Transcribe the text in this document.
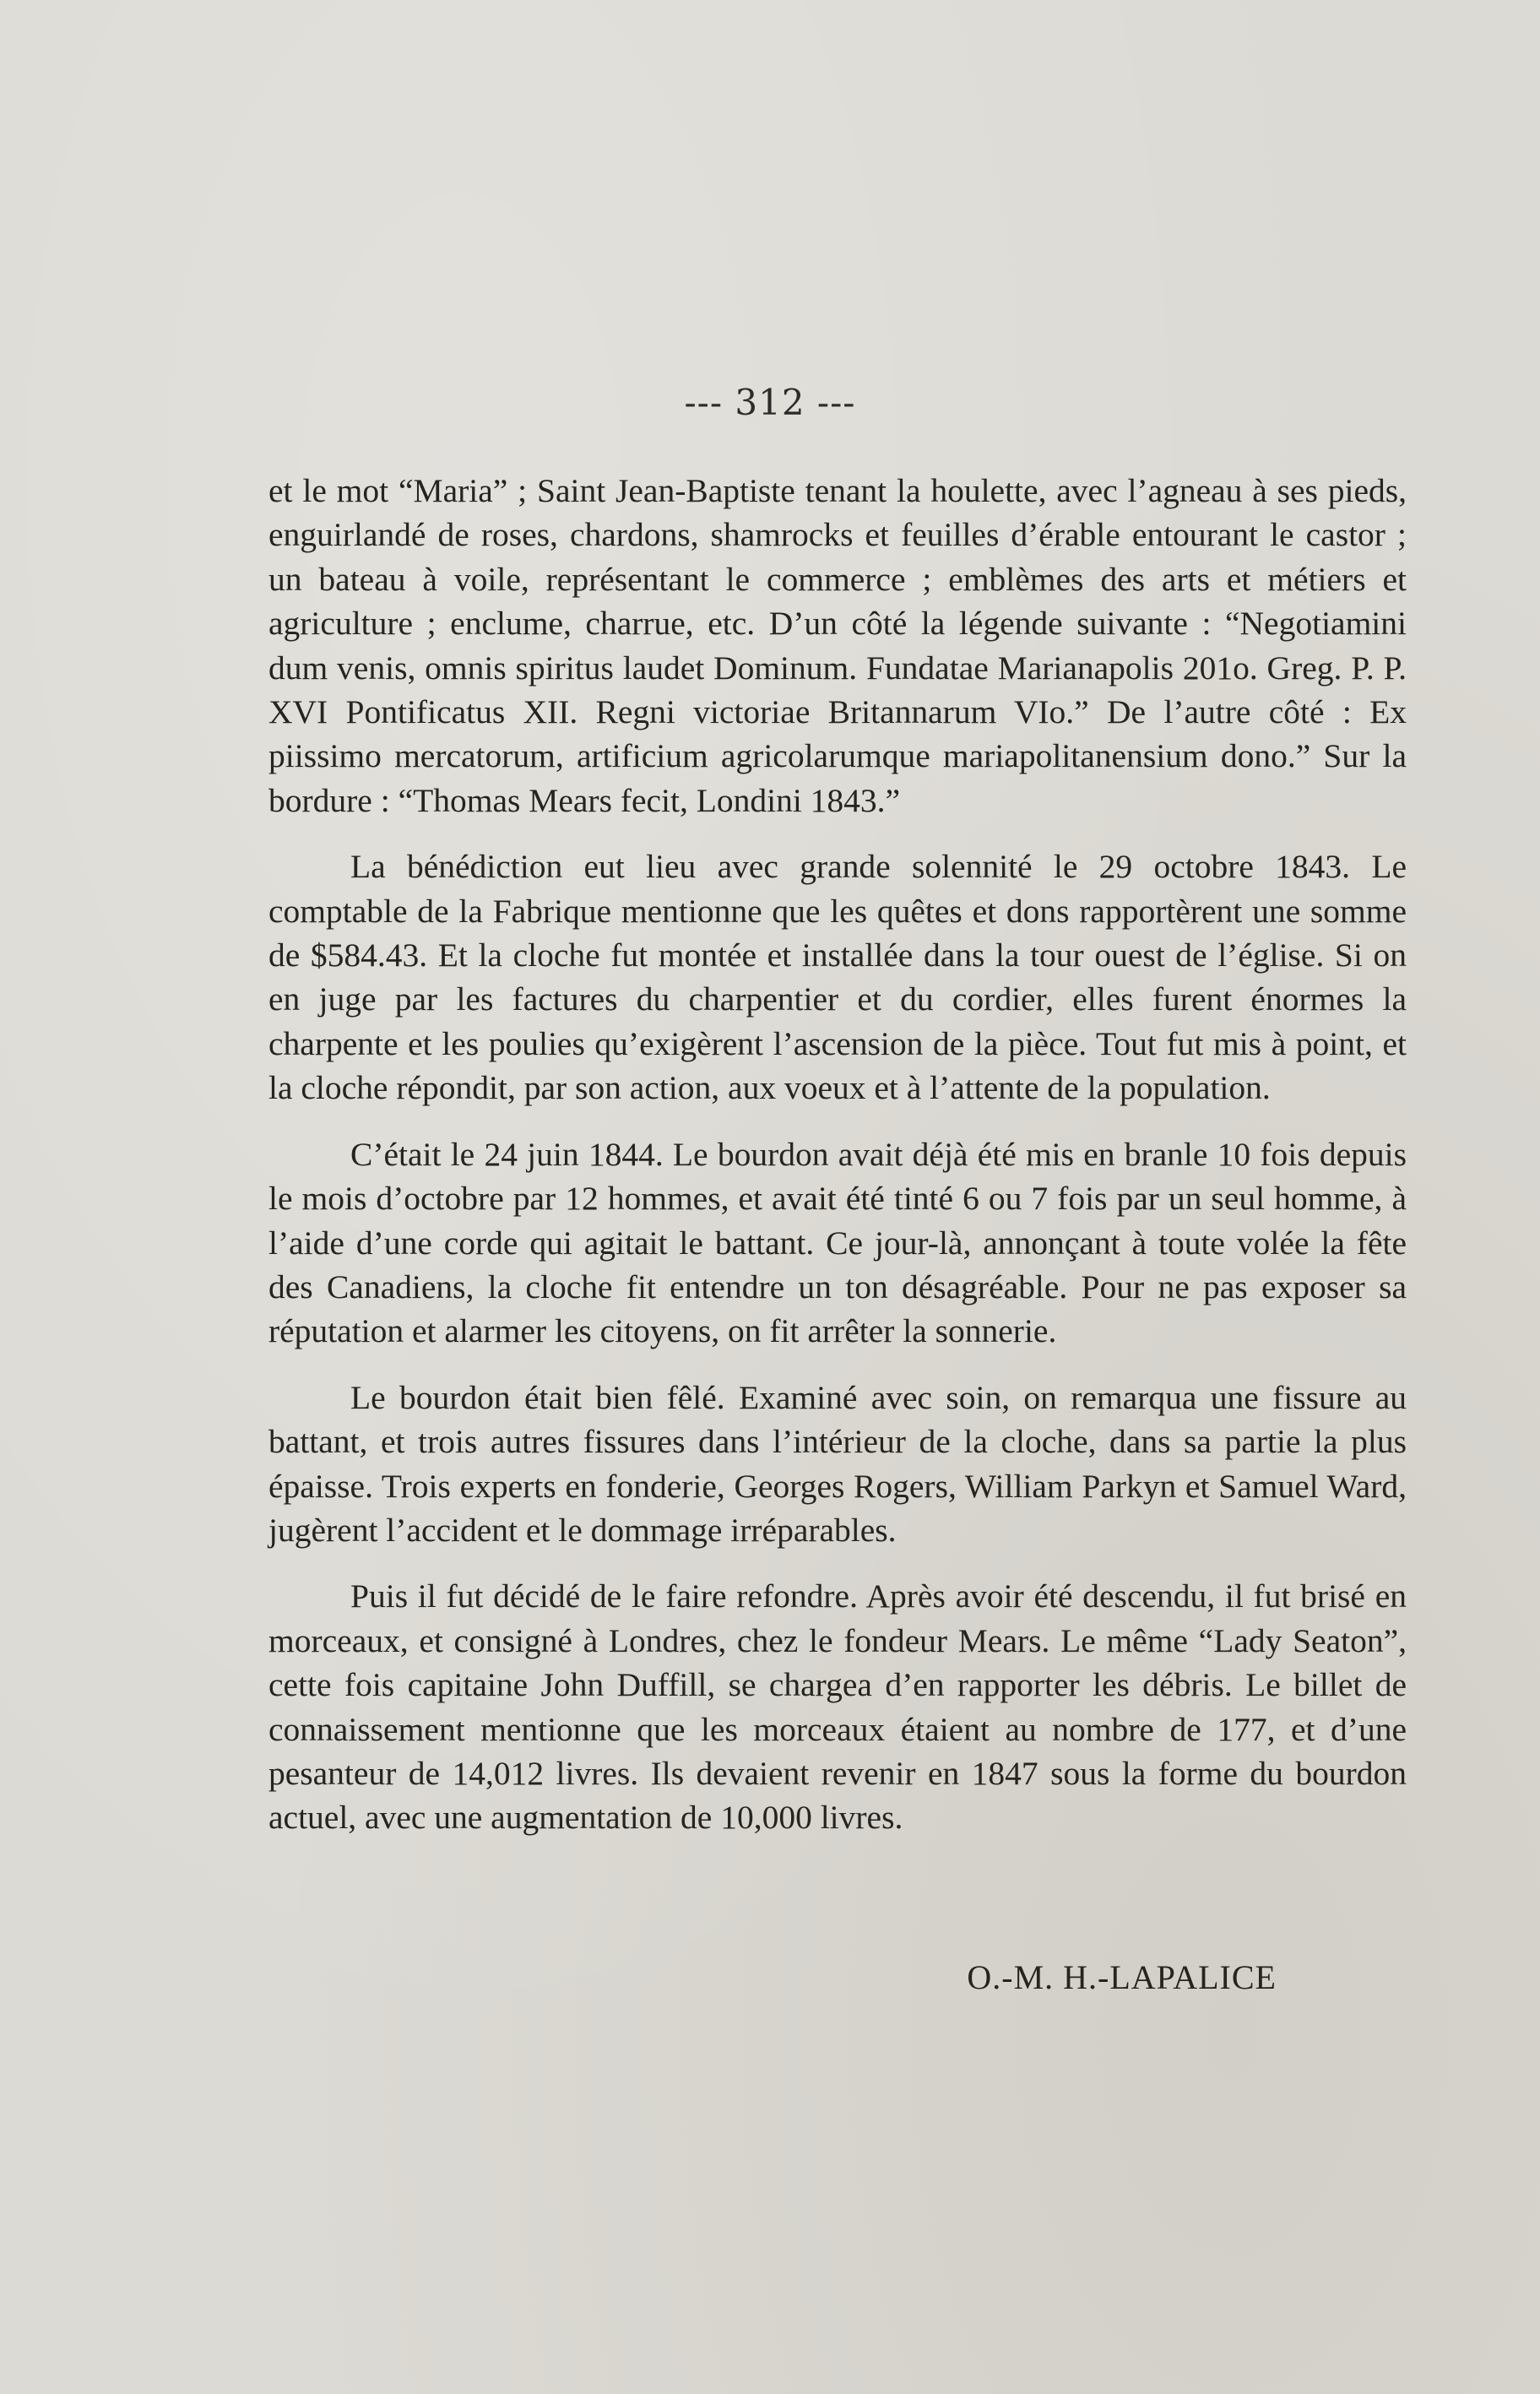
--- 312 ---

et le mot “Maria” ; Saint Jean-Baptiste tenant la houlette, avec l’agneau à ses pieds, enguirlandé de roses, chardons, shamrocks et feuilles d’érable entourant le castor ; un bateau à voile, représentant le commerce ; emblèmes des arts et métiers et agriculture ; enclume, charrue, etc. D’un côté la légende suivante : “Negotiamini dum venis, omnis spiritus laudet Dominum. Fundatae Marianapolis 201o. Greg. P. P. XVI Pontificatus XII. Regni victoriae Britannarum VIo.” De l’autre côté : Ex piissimo mercatorum, artificium agricolarumque mariapolitanensium dono.” Sur la bordure : “Thomas Mears fecit, Londini 1843.”

La bénédiction eut lieu avec grande solennité le 29 octobre 1843. Le comptable de la Fabrique mentionne que les quêtes et dons rapportèrent une somme de $584.43. Et la cloche fut montée et installée dans la tour ouest de l’église. Si on en juge par les factures du charpentier et du cordier, elles furent énormes la charpente et les poulies qu’exigèrent l’ascension de la pièce. Tout fut mis à point, et la cloche répondit, par son action, aux voeux et à l’attente de la population.

C’était le 24 juin 1844. Le bourdon avait déjà été mis en branle 10 fois depuis le mois d’octobre par 12 hommes, et avait été tinté 6 ou 7 fois par un seul homme, à l’aide d’une corde qui agitait le battant. Ce jour-là, annonçant à toute volée la fête des Canadiens, la cloche fit entendre un ton désagréable. Pour ne pas exposer sa réputation et alarmer les citoyens, on fit arrêter la sonnerie.

Le bourdon était bien fêlé. Examiné avec soin, on remarqua une fissure au battant, et trois autres fissures dans l’intérieur de la cloche, dans sa partie la plus épaisse. Trois experts en fonderie, Georges Rogers, William Parkyn et Samuel Ward, jugèrent l’accident et le dommage irréparables.

Puis il fut décidé de le faire refondre. Après avoir été descendu, il fut brisé en morceaux, et consigné à Londres, chez le fondeur Mears. Le même “Lady Seaton”, cette fois capitaine John Duffill, se chargea d’en rapporter les débris. Le billet de connaissement mentionne que les morceaux étaient au nombre de 177, et d’une pesanteur de 14,012 livres. Ils devaient revenir en 1847 sous la forme du bourdon actuel, avec une augmentation de 10,000 livres.

O.-M. H.-LAPALICE
